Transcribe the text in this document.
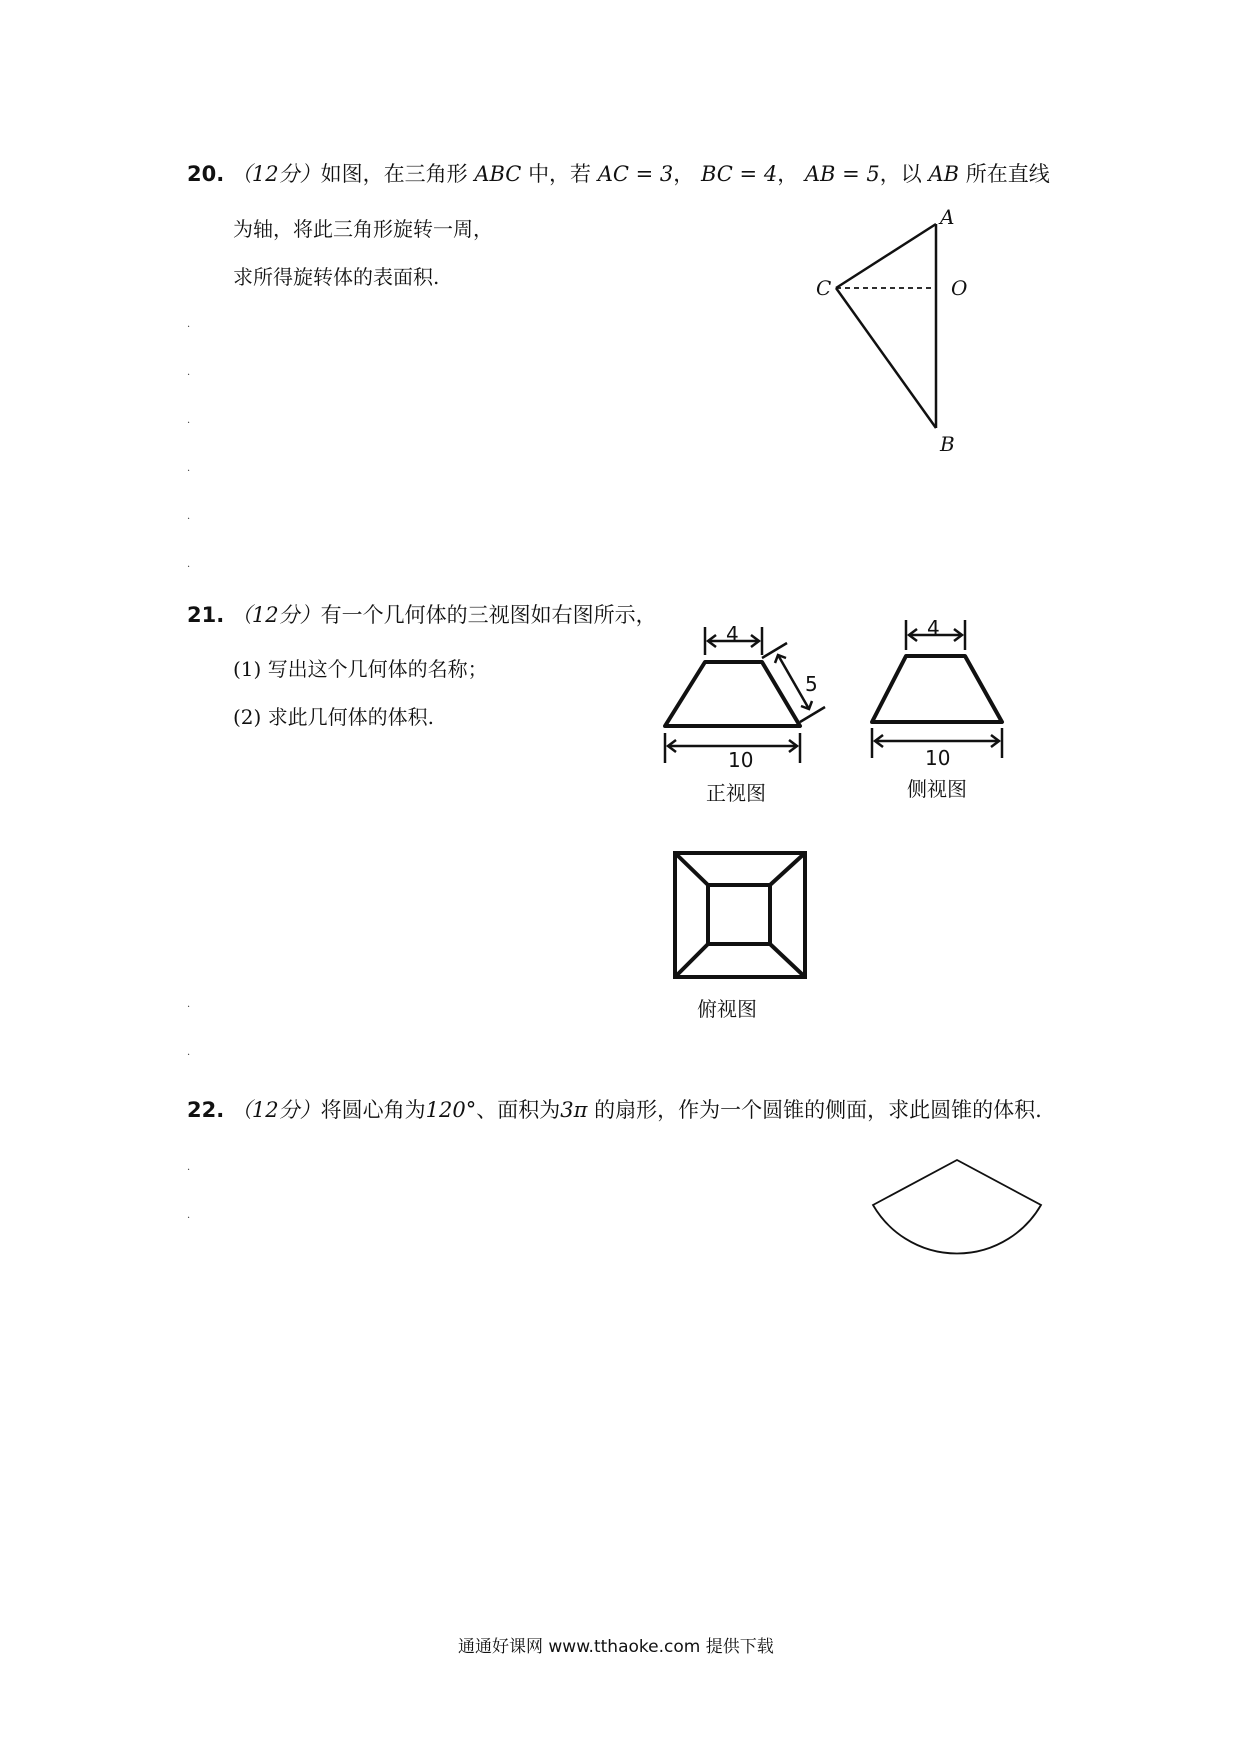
20. （12分）如图，在三角形 ABC 中，若 AC = 3， BC = 4， AB = 5，以 AB 所在直线
为轴，将此三角形旋转一周，
求所得旋转体的表面积.
A
C	O
B
·
·
·
·
·
·
·
·
·
·
21. （12分）有一个几何体的三视图如右图所示，
(1) 写出这个几何体的名称；
(2) 求此几何体的体积.
4
5
10
正视图
4
10
侧视图
俯视图
22. （12分）将圆心角为120°、面积为3π 的扇形，作为一个圆锥的侧面，求此圆锥的体积.
通通好课网 www.tthaoke.com 提供下载
